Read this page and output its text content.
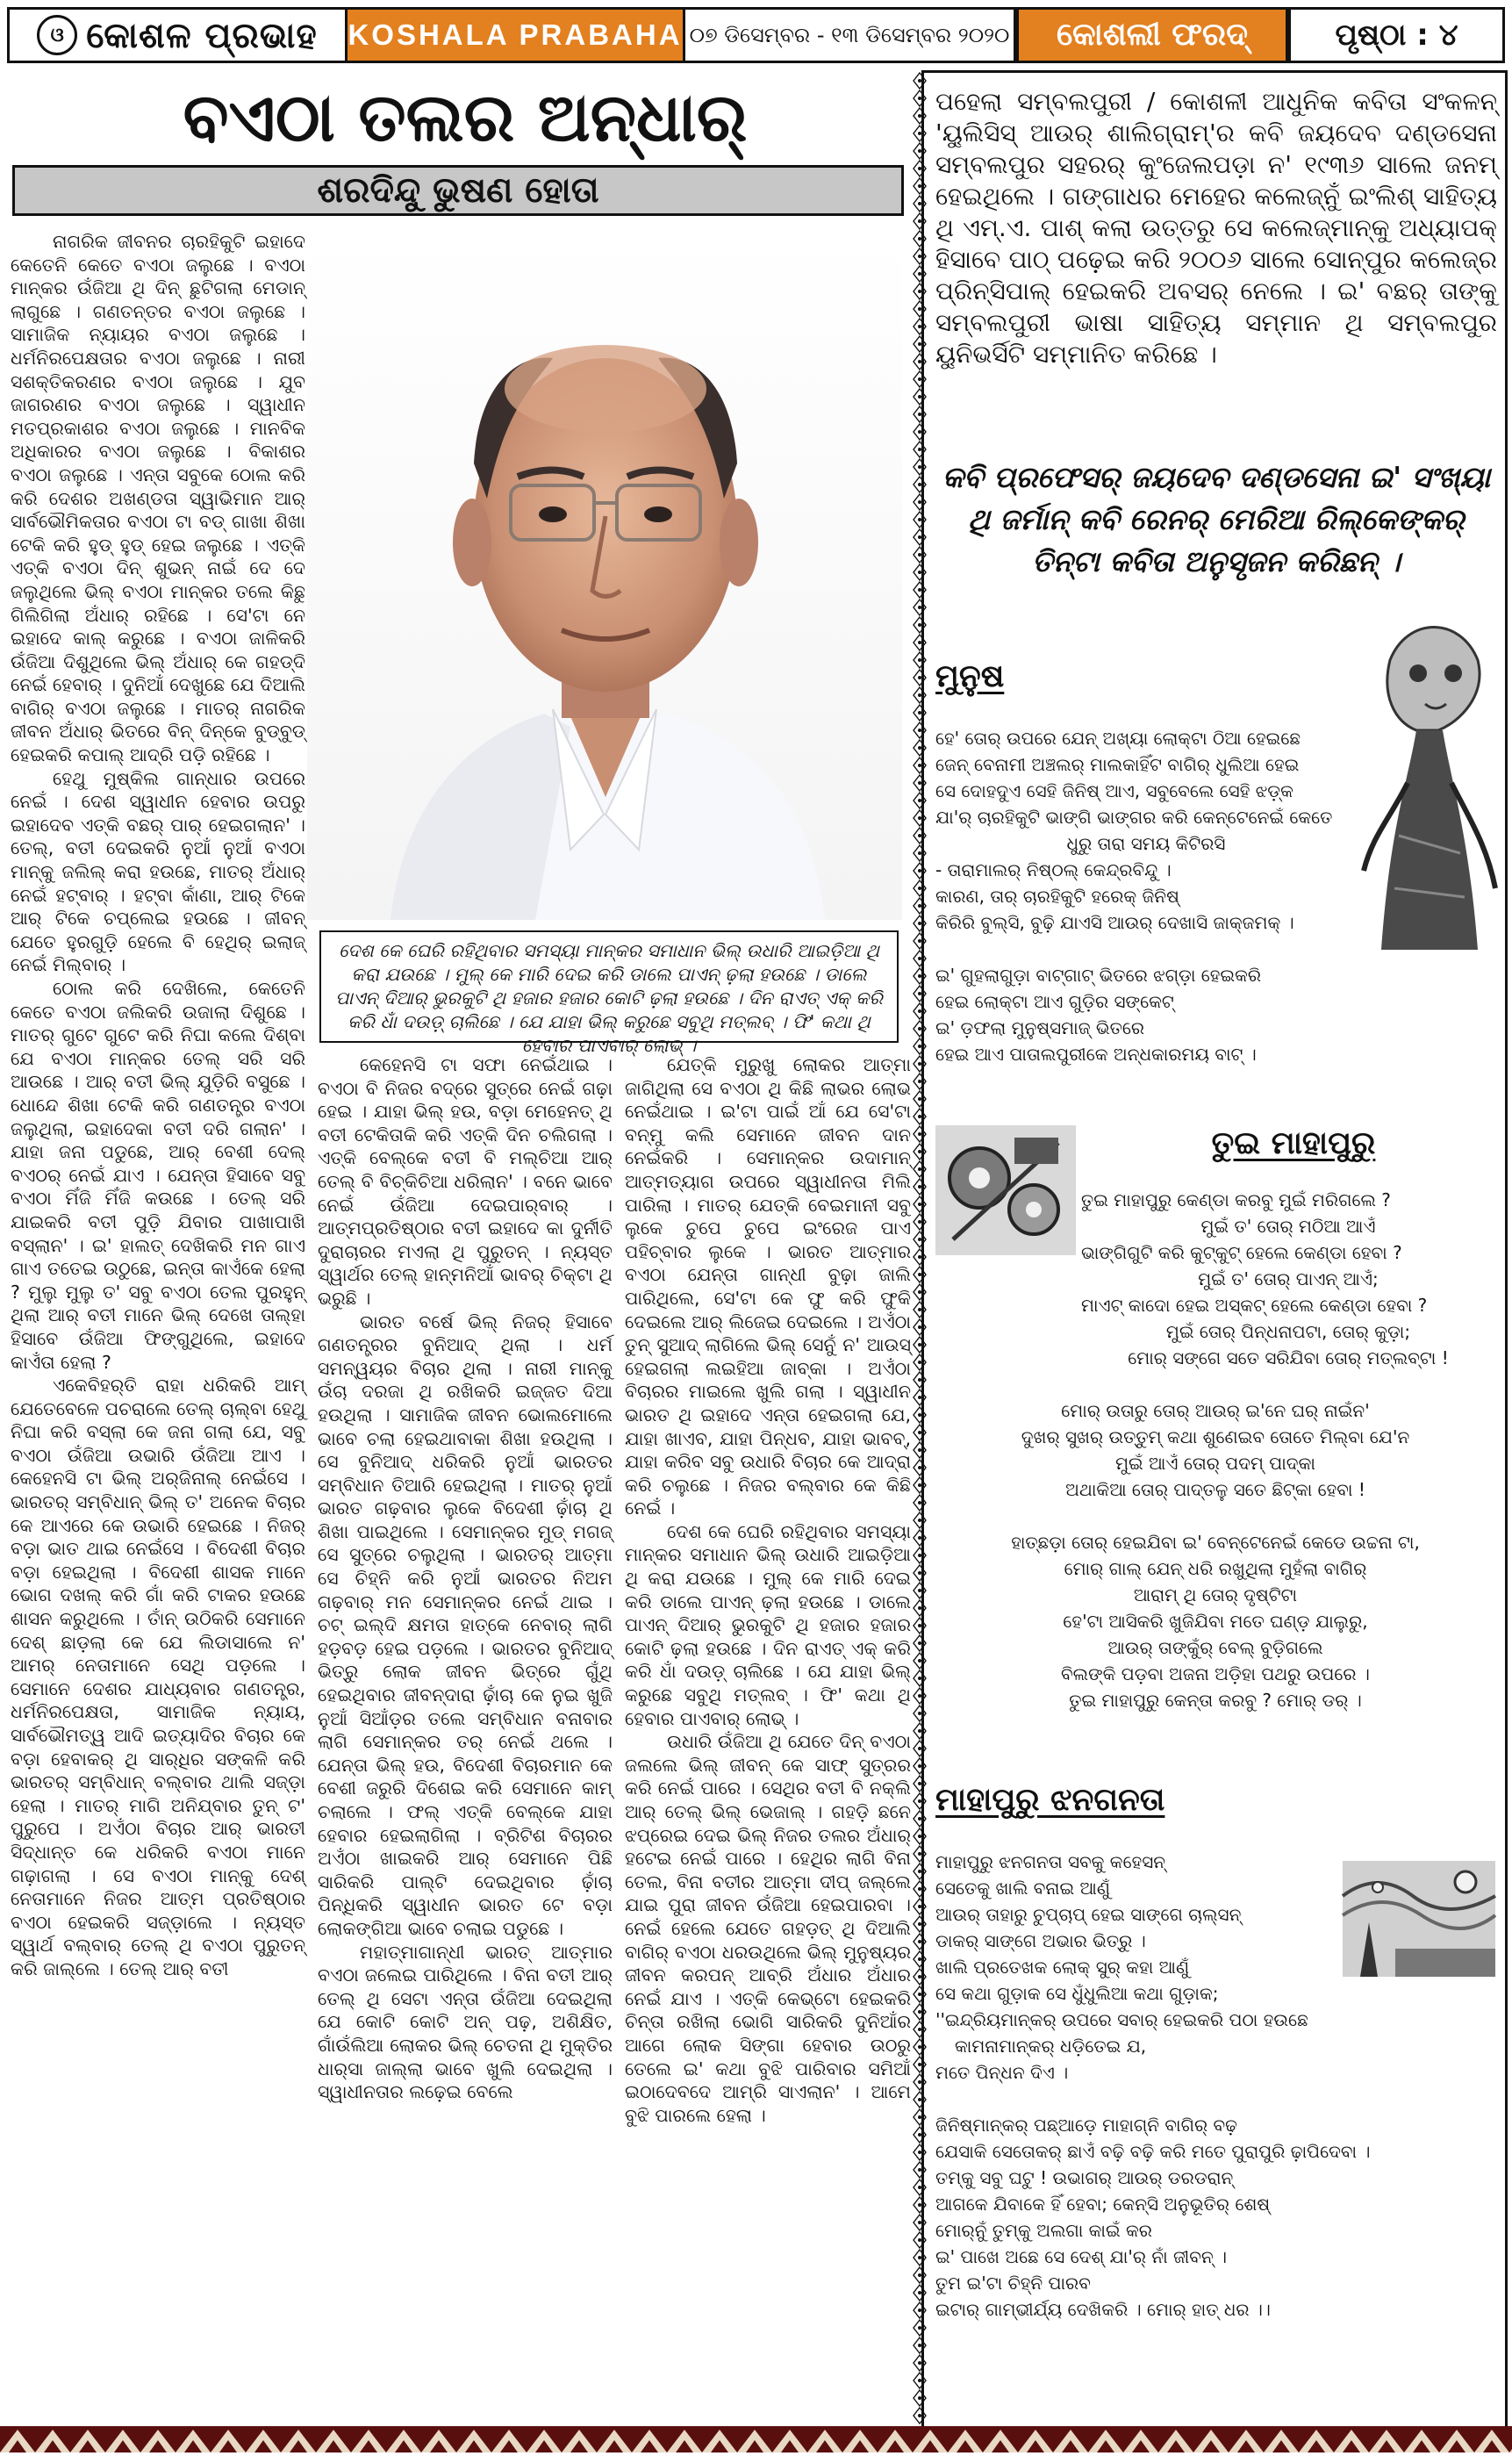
ଓ କୋଶଳ ପ୍ରଭାହ KOSHALA PRABAHA ୦୭ ଡିସେମ୍ବର - ୧୩ ଡିସେମ୍ବର ୨୦୨୦ କୋଶଲୀ ଫରଦ୍	ପୃଷ୍ଠା : ୪
ବଏଠା ତଲର ଅନ୍ଧାର୍
ଶରଦିନ୍ଦୁ ଭୁଷଣ ହୋତା

ନାଗରିକ ଜୀବନର ଚାରହିକୁଟି ଇହାଦେ କେତେନି କେତେ ବଏଠା ଜଲୁଛେ । ବଏଠା ମାନ୍‌କର ଉଁଜିଆ ଥି ଦିନ୍ ଛୁଟିଗଲା ମେଡାନ୍ ଲାଗୁଛେ । ଗଣତନ୍ତର ବଏଠା ଜଲୁଛେ । ସାମାଜିକ ନ୍ୟାୟର ବଏଠା ଜଲୁଛେ । ଧର୍ମନିରପେକ୍ଷତାର ବଏଠା ଜଲୁଛେ । ନାରୀ ସଶକ୍ତିକରଣର ବଏଠା ଜଲୁଛେ । ଯୁବ ଜାଗରଣର ବଏଠା ଜଲୁଛେ । ସ୍ୱାଧୀନ ମତପ୍ରକାଶର ବଏଠା ଜଲୁଛେ । ମାନବିକ ଅଧିକାରର ବଏଠା ଜଲୁଛେ । ବିକାଶର ବଏଠା ଜଲୁଛେ । ଏନ୍ତା ସବୁକେ ଠୋଲ କରି କରି ଦେଶର ଅଖଣ୍ଡତା ସ୍ୱାଭିମାନ ଆର୍ ସାର୍ବଭୌମିକତାର ବଏଠା ଟା ବଡ୍ ଗାଖା ଶିଖା ଟେକି କରି ହୁଡ୍ ହୁଡ୍ ହେଇ ଜଲୁଛେ । ଏତ୍‌କି ଏତ୍‌କି ବଏଠା ଦିନ୍ ଶୁଭନ୍ ନାଇଁ ଦେ ଦେ ଜଲୁଥିଲେ ଭିଲ୍ ବଏଠା ମାନ୍‌କର ତଲେ କିଛୁ ଗିଲିଗିଲା ଅଁଧାର୍ ରହିଛେ । ସେ'ଟା ନେ ଇହାଦେ କାଲ୍ କରୁଛେ । ବଏଠା ଜାଳିକରି ଉଁଜିଆ ଦିଶୁଥିଲେ ଭିଲ୍ ଅଁଧାର୍ କେ ଗହଡ୍ଦି ନେଇଁ ହେବାର୍ । ଦୁନିଆଁ ଦେଖୁଛେ ଯେ ଦିଆଲି ବାଗିର୍ ବଏଠା ଜଲୁଛେ । ମାତର୍ ନାଗରିକ ଜୀବନ ଅଁଧାର୍ ଭିତରେ ବିନ୍ ଦିନ୍‌କେ ବୁଡ୍‌ବୁଡ୍ ହେଇକରି କପାଲ୍ ଆଦ୍‌ରି ପଡ଼ି ରହିଛେ ।

ହେଥୁ ମୁଷ୍କିଲ ଗାନ୍ଧାର ଉପରେ ନେଇଁ । ଦେଶ ସ୍ୱାଧୀନ ହେବାର ଉପରୁ ଇହାଦେବ ଏତ୍‌କି ବଛର୍ ପାର୍ ହେଇଗଲାନ' । ତେଲ୍, ବତୀ ଦେଇକରି ନୁଆଁ ନୁଆଁ ବଏଠା ମାନ୍‌କୁ ଜଲିଲ୍ କରା ହଉଛେ, ମାତର୍ ଅଁଧାର୍ ନେଇଁ ହଟ୍‌ବାର୍ । ହଟ୍‌ବା କାଁଣା, ଆର୍ ଟିକେ ଆର୍ ଟିକେ ଚପ୍‌ଲେଇ ହଉଛେ । ଜୀବନ୍ ଯେତେ ହୁରଗୁଡ଼ି ହେଲେ ବି ହେଥିର୍ ଇଲାଜ୍ ନେଇଁ ମିଲ୍‌ବାର୍ ।

ଠୋଲ କରି ଦେଖିଲେ, କେତେନି କେତେ ବଏଠା ଜଲିକରି ଉଜାଲା ଦିଶୁଛେ । ମାତର୍ ଗୁଟେ ଗୁଟେ କରି ନିଘା କଲେ ଦିଶ୍‌ବା ଯେ ବଏଠା ମାନ୍‌କର ତେଲ୍ ସରି ସରି ଆଉଛେ । ଆର୍ ବତୀ ଭିଲ୍ ଯୁଡ଼ିରି ବସୁଛେ । ଧୋନ୍ଦେ ଶିଖା ଟେକି କରି ଗଣତନ୍ତ୍ର ବଏଠା ଜଲୁଥିଲା, ଇହାଦେକା ବତୀ ଦରି ଗଲାନ' । ଯାହା ଜନା ପଡୁଛେ, ଆର୍ ବେଶୀ ଦେଲ୍ ବଏଠର୍ ନେଇଁ ଯାଏ । ଯେନ୍ତା ହିସାବେ ସବୁ ବଏଠା ମିଁଜି ମିଁଜି କଉଛେ । ତେଲ୍ ସରି ଯାଇକରି ବତୀ ପୁଡ଼ି ଯିବାର ପାଖାପାଖି ବସ୍‌ଲାନ' । ଇ' ହାଲତ୍ ଦେଖିକରି ମନ ଗାଏ ଗାଏ ତତେଇ ଉଠୁଛେ, ଇନ୍ତା କାଏଁକେ ହେଲା ? ମୁଲୁ ମୁଲୁ ତ' ସବୁ ବଏଠା ତେଲ ପୁରହୁନ୍ ଥିଲା ଆର୍ ବତୀ ମାନେ ଭିଲ୍ ଦେଖେ ତାଲ୍ହା ହିସାବେ ଉଁଜିଆ ଫିଙ୍ଗୁଥିଲେ, ଇହାଦେ କାଏଁତା ହେଲା ?

ଏକେବିହର୍‌ତି ରାହା ଧରିକରି ଆମ୍ ଯେତେବେଳେ ପଚରାଲେ ତେଲ୍ ଚାଲ୍‌ବା ହେଥୁ ନିଘା କରି ବସ୍‌ଲା କେ ଜନା ଗଲା ଯେ, ସବୁ ବଏଠା ଉଁଜିଆ ଉଭାରି ଉଁଜିଆ ଆଏ । କେହେନସି ଟା ଭିଲ୍ ଅର୍‌ଜିନାଲ୍ ନେଇଁସେ । ଭାରତର୍ ସମ୍ବିଧାନ୍ ଭିଲ୍ ତ' ଅନେକ ବିଚାର କେ ଆଏରେ କେ ଉଭାରି ହେଇଛେ । ନିଜର୍ ବଡ଼ା ଭାତ ଥାଇ ନେଇଁସେ । ବିଦେଶୀ ବିଚାର ବଡ଼ା ହେଇଥିଲା । ବିଦେଶୀ ଶାସକ ମାନେ ଭୋଗ ଦଖଲ୍ କରି ଗାଁ କରି ଟାକର ହଉଛେ ଶାସନ କରୁଥିଲେ । ତାଁନ୍ ଉଠିକରି ସେମାନେ ଦେଶ୍ ଛାଡ଼ଲା କେ ଯେ ଲିଡାସାଲେ ନ' ଆମର୍ ନେତାମାନେ ସେଥି ପଡ଼ଲେ । ସେମାନେ ଦେଶର ଯାଧ୍ୟବାର ଗଣତନ୍ତ୍ର, ଧର୍ମନିରପେକ୍ଷତା, ସାମାଜିକ ନ୍ୟାୟ, ସାର୍ବଭୌମତ୍ୱ ଆଦି ଇତ୍ୟାଦିର ବିଚାର କେ ବଡ଼ା ହେବାକର୍ ଥି ସାର୍‌ଧିର ସଙ୍କଳି କରି ଭାରତର୍ ସମ୍ବିଧାନ୍ ବଲ୍‌ବାର ଥାଲି ସଜ୍ଡ଼ା ହେଲା । ମାତର୍ ମାଗି ଅନିଯ୍‌ବାର ତୁନ୍ ଟ' ପୁରୁପେ । ଅଏଁଠା ବିଚାର ଆର୍ ଭାରତୀ ସିଦ୍ଧାନ୍ତ କେ ଧରିକରି ବଏଠା ମାନେ ଗଢ଼ାଗଲା । ସେ ବଏଠା ମାନ୍‌କୁ ଦେଶ୍ ନେତାମାନେ ନିଜର ଆତ୍ମ ପ୍ରତିଷ୍ଠାର ବଏଠା ହେଇକରି ସଜ୍‌ଡ଼ାଲେ । ନ୍ୟସ୍ତ ସ୍ୱାର୍ଥ ବଲ୍‌ବାର୍ ତେଲ୍ ଥି ବଏଠା ପୁରୁତନ୍ କରି ଜାଲ୍‌ଲେ । ତେଲ୍ ଆର୍ ବତୀ

ଦେଶ କେ ଘେରି ରହିଥିବାର ସମସ୍ୟା ମାନ୍‌କର ସମାଧାନ ଭିଲ୍ ଉଧାରି ଆଇଡ଼ିଆ ଥି କରା ଯଉଛେ । ମୁଲ୍ କେ ମାରି ଦେଇ କରି ଡାଲେ ପାଏନ୍ ଢ଼ଲା ହଉଛେ । ଡାଲେ ପାଏନ୍ ଦିଆର୍ ଭୁରକୁଟି ଥି ହଜାର ହଜାର କୋଟି ଢ଼ଲା ହଉଛେ । ଦିନ ରାଏତ୍ ଏକ୍ କରି କରି ଧାଁ ଦଉଡ଼୍ ଚାଲିଛେ । ଯେ ଯାହା ଭିଲ୍ କରୁଛେ ସବୁଥି ମତ୍‌ଲବ୍ । ଫି' କଥା ଥି ହେବାର ପାଏବାର୍ ଲୋଭ୍ ।

କେହେନସି ଟା ସଫା ନେଇଁଥାଇ । ବଏଠା ବି ନିଜର ବଦ୍‌ରେ ସୁତ୍‌ରେ ନେଇଁ ଗଢ଼ା ହେଇ । ଯାହା ଭିଲ୍ ହଉ, ବଡ଼ା ମେହେନତ୍ ଥି ବତୀ ଟେକିତାକି କରି ଏତ୍‌କି ଦିନ ଚଲିଗଲା । ଏତ୍‌କି ବେଲ୍‌କେ ବତୀ ବି ମଲ୍‌ଚିଆ ଆର୍ ତେଲ୍ ବି ବିଚ୍‌କିଚିଆ ଧରିଲାନ' । ବନେ ଭାବେ ନେଇଁ ଉଁଜିଆ ଦେଇପାର୍‌ବାର୍ । ଆତ୍ମପ୍ରତିଷ୍ଠାର ବତୀ ଇହାଦେ କା ଦୁର୍ନୀତି ଦୁରାଚାରର ମଏଲା ଥି ପୁରୁତନ୍ । ନ୍ୟସ୍ତ ସ୍ୱାର୍ଥର ତେଲ୍ ହାନ୍‌ମନିଆଁ ଭାବର୍ ଚିକ୍‌ଟା ଥି ଭରୁଛି ।

ଭାରତ ବର୍ଷେ ଭିଲ୍ ନିଜର୍ ହିସାବେ ଗଣତନ୍ତ୍ରର ବୁନିଆଦ୍ ଥିଲା । ଧର୍ମ ସମନ୍ୱୟର ବିଚାର ଥିଲା । ନାରୀ ମାନ୍‌କୁ ଉଁଚା ଦରଜା ଥି ରଖିକରି ଇଜ୍ଜତ ଦିଆ ହଉଥିଲା । ସାମାଜିକ ଜୀବନ ଭୋଲମୋଲେ ଭାବେ ଚଲା ହେଇଥାବାକା ଶିଖା ହଉଥିଲା । ସେ ବୁନିଆଦ୍ ଧରିକରି ନୁଆଁ ଭାରତର ସମ୍ବିଧାନ ତିଆରି ହେଇଥିଲା । ମାତର୍ ନୁଆଁ ଭାରତ ଗଢ଼ବାର ଲୁକେ ବିଦେଶୀ ଢ଼ାଁଚା ଥି ଶିଖା ପାଇଥିଲେ । ସେମାନ୍‌କର ମୁଡ୍ ମଗଜ୍ ସେ ସୁତ୍‌ରେ ଚଲୁଥିଲା । ଭାରତର୍ ଆତ୍ମା ସେ ଚିହ୍ନି କରି ନୁଆଁ ଭାରତର ନିଅମ ଗଢ଼ବାର୍ ମନ ସେମାନ୍‌କର ନେଇଁ ଥାଇ । ଚଟ୍ ଇଲ୍‌ଦି କ୍ଷମତା ହାତ୍‌କେ ନେବାର୍ ଲାଗି ହଡ଼ବଡ଼ ହେଇ ପଡ଼ଲେ । ଭାରତର ବୁନିଆଦ୍ ଭିତ୍‌ରୁ ଲୋକ ଜୀବନ ଭିତ୍‌ରେ ଗୁଁଥି ହେଇଥିବାର ଜୀବନ୍‌ଦାରା ଢ଼ାଁଚା କେ ନୁଇ ଖୁଜି ନୁଆଁ ସିଆଁଡ଼ର ତଲେ ସମ୍ବିଧାନ ବନାବାର ଲାଗି ସେମାନ୍‌କର ତର୍ ନେଇଁ ଥଲେ । ଯେନ୍ତା ଭିଲ୍ ହଉ, ବିଦେଶୀ ବିଚାରମାନ କେ ବେଶୀ ଜରୁରି ଦିଶେଇ କରି ସେମାନେ କାମ୍ ଚଲାଲେ । ଫଲ୍ ଏତ୍‌କି ବେଲ୍‌କେ ଯାହା ହେବାର ହେଇଲାଗିଲା । ବ୍ରିଟିଶ ବିଚାରର ଅଏଁଠା ଖାଇକରି ଆର୍ ସେମାନେ ପିଛି ସାରିକରି ପାଲ୍ଟି ଦେଇଥିବାର ଢ଼ାଁଚା ପିନ୍ଧିକରି ସ୍ୱାଧୀନ ଭାରତ ଟେ ବଡ଼ା ଲୋକଙ୍ଗିଆ ଭାବେ ଚଲାଇ ପଡୁଛେ ।

ମହାତ୍ମାଗାନ୍ଧୀ ଭାରତ୍ ଆତ୍ମାର ବଏଠା ଜଲେଇ ପାରିଥିଲେ । ବିନା ବତୀ ଆର୍ ତେଲ୍ ଥି ସେଟା ଏନ୍ତା ଉଁଜିଆ ଦେଇଥିଲା ଯେ କୋଟି କୋଟି ଅନ୍ ପଢ଼, ଅଶିକ୍ଷିତ, ଗାଁଉଁଲିଆ ଲୋକର ଭିଲ୍ ଚେତନା ଥି ମୁକ୍ତିର ଧାର୍‌ସା ଜାଲ୍ଲା ଭାବେ ଖୁଲି ଦେଇଥିଲା । ସ୍ୱାଧୀନତାର ଲଢ଼େଇ ବେଲେ

ଯେତ୍‌କି ମୁରୁଖୁ ଲୋକର ଆତ୍ମା ଜାଗିଥିଲା ସେ ବଏଠା ଥି କିଛି ଲାଭର ଲୋଭ ନେଇଁଥାଇ । ଇ'ଟା ପାଇଁ ଆଁ ଯେ ସେ'ଟା ବନ୍‌ମୁ କଲି ସେମାନେ ଜୀବନ ଦାନ ନେଇଁକରି । ସେମାନ୍‌କର ଉଦାମାନ୍ ଆତ୍ମତ୍ୟାଗ ଉପରେ ସ୍ୱାଧୀନତା ମିଲି ପାରିଲା । ମାତର୍ ଯେତ୍‌କି ବେଇମାନୀ ସବୁ ଲୁକେ ଚୁପେ ଚୁପେ ଇଂରେଜ ପାଏ ପହିଚ୍‌ବାର ଲୁକେ । ଭାରତ ଆତ୍ମାର ବଏଠା ଯେନ୍ତା ଗାନ୍ଧୀ ବୁଢ଼ା ଜାଲି ପାରିଥିଲେ, ସେ'ଟା କେ ଫୁ କରି ଫୁକି ଦେଇଲେ ଆର୍ ଲିଜେଇ ଦେଇଲେ । ଅଏଁଠା ତୁନ୍ ସୁଆଦ୍ ଲାଗିଲେ ଭିଲ୍ ସେନୁଁ ନ' ଆଉସ୍ ହେଇଗଲା ଲଇହିଆ ଜାବ୍‌କା । ଅଏଁଠା ବିଚାରର ମାଇଲେ ଖୁଲି ଗଲା । ସ୍ୱାଧୀନ ଭାରତ ଥି ଇହାଦେ ଏନ୍ତା ହେଇଗଲା ଯେ, ଯାହା ଖାଏବ, ଯାହା ପିନ୍ଧବ, ଯାହା ଭାବବ୍, ଯାହା କରିବ ସବୁ ଉଧାରି ବିଚାର କେ ଆଦ୍‌ରା କରି ଚଲୁଛେ । ନିଜର ବଲ୍‌ବାର କେ କିଛି ନେଇଁ ।

ଦେଶ କେ ଘେରି ରହିଥିବାର ସମସ୍ୟା ମାନ୍‌କର ସମାଧାନ ଭିଲ୍ ଉଧାରି ଆଇଡ଼ିଆ ଥି କରା ଯଉଛେ । ମୁଲ୍ କେ ମାରି ଦେଇ କରି ଡାଲେ ପାଏନ୍ ଢ଼ଲା ହଉଛେ । ଡାଲେ ପାଏନ୍ ଦିଆର୍ ଭୁରକୁଟି ଥି ହଜାର ହଜାର କୋଟି ଢ଼ଲା ହଉଛେ । ଦିନ ରାଏତ୍ ଏକ୍ କରି କରି ଧାଁ ଦଉଡ଼୍ ଚାଲିଛେ । ଯେ ଯାହା ଭିଲ୍ କରୁଛେ ସବୁଥି ମତ୍‌ଲବ୍ । ଫି' କଥା ଥି ହେବାର ପାଏବାର୍ ଲୋଭ୍ ।

ଉଧାରି ଉଁଜିଆ ଥି ଯେତେ ଦିନ୍ ବଏଠା ଜଲଲେ ଭିଲ୍ ଜୀବନ୍ କେ ସାଫ୍ ସୁତ୍ରର କରି ନେଇଁ ପାରେ । ସେଥିର ବତୀ ବି ନକ୍‌ଲି ଆର୍ ତେଲ୍ ଭିଲ୍ ଭେଜାଲ୍ । ଗହଡ଼ି ଛନେ ଝପ୍‌ରେଇ ଦେଇ ଭିଲ୍ ନିଜର ତଲର ଅଁଧାର୍ ହଟେଇ ନେଇଁ ପାରେ । ହେଥିର ଲାଗି ବିନା ତେଲ, ବିନା ବତୀର ଆତ୍ମା ଦୀପ୍ ଜଲ୍‌ଲେ ଯାଇ ପୁରା ଜୀବନ ଉଁଜିଆ ହେଇପାରବା । ନେଇଁ ହେଲେ ଯେତେ ଗହଡ଼ତ୍ ଥି ଦିଆଲି ବାଗିର୍ ବଏଠା ଧରଉଥିଲେ ଭିଲ୍ ମୁନୁଷ୍ୟର ଜୀବନ କରପନ୍ ଆବ୍‌ରି ଅଁଧାର ଅଁଧାର ନେଇଁ ଯାଏ । ଏତ୍‌କି କେଭ୍‌ଟୋ ହେଇକରି ଚିନ୍ତା ରଖିଲା ଭୋଗି ସାରିକରି ଦୁନିଆଁର ଆଗେ ଲୋକ ସିଙ୍ଗା ହେବାର ଉଠରୁ ତେଲେ ଇ' କଥା ବୁଝି ପାରିବାର ସମିଆଁ ଇଠାଦେବଦେ ଆମ୍‌ରି ସାଏଲାନ' । ଆମେ ବୁଝି ପାରଲେ ହେଲା ।

ପହେଲା ସମ୍ବଲପୁରୀ / କୋଶଳୀ ଆଧୁନିକ କବିତା ସଂକଳନ୍ 'ୟୁଲିସିସ୍ ଆଉର୍ ଶାଲିଗ୍ରାମ୍'ର କବି ଜୟଦେବ ଦଣ୍ଡସେନା ସମ୍ବଲପୁର ସହରର୍ କୁଂଜେଲପଡ଼ା ନ' ୧୯୩୬ ସାଲେ ଜନମ୍ ହେଇଥିଲେ । ଗଙ୍ଗାଧର ମେହେର କଲେଜ୍‌ନୁଁ ଇଂଲିଶ୍ ସାହିତ୍ୟ ଥି ଏମ୍.ଏ. ପାଶ୍ କଲା ଉତ୍ତରୁ ସେ କଲେଜ୍‌ମାନ୍‌କୁ ଅଧ୍ୟାପକ୍ ହିସାବେ ପାଠ୍ ପଢ଼େଇ କରି ୨୦୦୬ ସାଲେ ସୋନ୍‌ପୁର କଲେଜ୍‌ର ପ୍ରିନ୍‌ସିପାଲ୍ ହେଇକରି ଅବସର୍ ନେଲେ । ଇ' ବଛର୍ ତାଙ୍କୁ ସମ୍ବଲପୁରୀ ଭାଷା ସାହିତ୍ୟ ସମ୍ମାନ ଥି ସମ୍ବଲପୁର ୟୁନିଭର୍ସିଟି ସମ୍ମାନିତ କରିଛେ ।
କବି ପ୍ରଫେସର୍ ଜୟଦେବ ଦଣ୍ଡସେନା ଇ' ସଂଖ୍ୟା ଥି ଜର୍ମାନ୍ କବି ରେନର୍ ମେରିଆ ରିଲ୍‌କେଙ୍କର୍ ତିନ୍‌ଟା କବିତା ଅନୁସୃଜନ କରିଛନ୍ ।
ମୁନୁଷ
ହେ' ତୋର୍ ଉପରେ ଯେନ୍ ଅଖ୍ୟା ଲୋକ୍‌ଟା ଠିଆ ହେଇଛେ
ଜେନ୍ ବେନାମୀ ଅଞ୍ଚଲର୍ ମାଲକାହିଁଟ ବାଗିର୍ ଧୁଲିଆ ହେଇ
ସେ ଦୋହଦୁଏ ସେହି ଜିନିଷ୍ ଆଏ, ସବୁବେଲେ ସେହି ଝଡ଼୍‌କ
ଯା'ର୍ ଚାରହିକୁଟି ଭାଙ୍ଗି ଭାଙ୍ଗର କରି କେନ୍‌ଟେନେଇଁ କେତେ
ଧୁରୁ ତାରା ସମୟ କିଟିରସି
- ତାରାମାଲର୍ ନିଷ୍ଠଲ୍ କେନ୍ଦ୍ରବିନ୍ଦୁ ।
କାରଣ, ତାର୍ ଚାରହିକୁଟି ହରେକ୍ ଜିନିଷ୍
କିରିରି ବୁଲ୍‌ସି, ବୁଢ଼ି ଯାଏସି ଆଉର୍ ଦେଖାସି ଜାକ୍‌ଜମକ୍ ।

ଇ' ଗୁହଲାଗୁଡ଼ା ବାଟ୍‌ଗାଟ୍ ଭିତରେ ଝଗ୍ଡ଼ା ହେଇକରି
ହେଇ ଲୋକ୍‌ଟା ଆଏ ଗୁଡ଼ିର ସଙ୍କେଟ୍
ଇ' ଡ଼ଫଲା ମୁନୁଷ୍‌ସମାଜ୍ ଭିତରେ
ହେଇ ଆଏ ପାତାଲପୁରୀକେ ଅନ୍ଧକାରମୟ ବାଟ୍ ।
ତୁଇ ମାହାପୁରୁ
ତୁଇ ମାହାପୁରୁ କେଣ୍ଡା କରବୁ ମୁଇଁ ମରିଗଲେ ?
ମୁଇଁ ତ' ତୋର୍ ମଠିଆ ଆଏଁ
ଭାଙ୍ଗିଗୁଟି କରି କୁଟ୍‌କୁଟ୍ ହେଲେ କେଣ୍ଡା ହେବା ?
ମୁଇଁ ତ' ତୋର୍ ପାଏନ୍ ଆଏଁ;
ମାଏଟ୍ କାଦୋ ହେଇ ଅସ୍କଟ୍ ହେଲେ କେଣ୍ଡା ହେବା ?
ମୁଇଁ ତୋର୍ ପିନ୍ଧନାପଟା, ତୋର୍ କୁଡ଼ା;
ମୋର୍ ସଙ୍ଗେ ସତେ ସରିଯିବା ତୋର୍ ମତ୍‌ଲବ୍‌ଟା !

ମୋର୍ ଉତାରୁ ତୋର୍ ଆଉର୍ ଇ'ନେ ଘର୍ ନାଇଁନ'
ଦୁଖର୍ ସୁଖର୍ ଉତ୍ତୁମ୍ କଥା ଶୁଣେଇବ ତୋତେ ମିଲ୍‌ବା ଯେ'ନ
ମୁଇଁ ଆଏଁ ତୋର୍ ପଦମ୍ ପାଦ୍‌କା
ଅଥାକିଆ ତୋର୍ ପାଦ୍‌ତଳୁ ସତେ ଛିଟ୍‌କା ହେବା !

ହାତ୍‌ଛଡ଼ା ତୋର୍ ହେଇଯିବା ଇ' ବେନ୍‌ଟେନେଇଁ କେଡେ ଉଚ୍ଚନା ଟା,
ମୋର୍ ଗାଲ୍ ଯେନ୍ ଧରି ରଖୁଥିଲା ମୁହଁଲା ବାଗିର୍
ଆରାମ୍ ଥି ତୋର୍ ଦୃଷ୍ଟିଟା
ହେ'ଟା ଆସିକରି ଖୁଜିଯିବା ମତେ ଘଣ୍ଡ଼ ଯାଲୁରୁ,
ଆଉର୍ ତାଙ୍କୁଁର୍ ବେଲ୍ ବୁଡ଼ିଗଲେ
ବିଲଙ୍କି ପଡ଼ବା ଅଜନା ଅଡ଼ିହା ପଥରୁ ଉପରେ ।
ତୁଇ ମାହାପୁରୁ କେନ୍‌ତା କରବୁ ? ମୋର୍ ଡର୍ ।
ମାହାପୁରୁ ଝନଗନତା
ମାହାପୁରୁ ଝନଗନତା ସବକୁ କହେସନ୍
ସେତେକୁ ଖାଲି ବନାଇ ଆଣୁଁ
ଆଉର୍ ତାହାରୁ ଚୁପ୍‌ଚାପ୍ ହେଇ ସାଙ୍ଗେ ଚାଲ୍‌ସନ୍
ଡାକର୍ ସାଙ୍ଗେ ଅଭାର ଭିତ୍‌ରୁ ।
ଖାଲି ପ୍ରତେଖକ ଲୋକ୍ ସୁର୍ କହା ଆଣୁଁ
ସେ କଥା ଗୁଡ଼ାକ ସେ ଧୁଁଧୁଲିଆ କଥା ଗୁଡ଼ାକ;
''ଇନ୍ଦ୍ରିୟମାନ୍‌କର୍ ଉପରେ ସବାର୍ ହେଇକରି ପଠା ହଉଛେ
କାମନାମାନ୍‌କର୍ ଧଡ଼ିତେଇ ଯ,
ମତେ ପିନ୍ଧନ ଦିଏ ।

ଜିନିଷ୍‌ମାନ୍‌କର୍ ପଛ୍ଆଡ଼େ ମାହାଗ୍ନି ବାଗିର୍ ବଢ଼
ଯେସାକି ସେତୋକର୍ ଛାଏଁ ବଢ଼ି ବଢ଼ି କରି ମତେ ପୁରାପୁରି ଢ଼ାପିଦେବା ।
ତମ୍‌କୁ ସବୁ ଘଟୁ ! ଉଭାଗର୍ ଆଉର୍ ଡରଡରାନ୍
ଆଗକେ ଯିବାକେ ହିଁ ହେବା; କେନ୍‌ସି ଅନୁଭୂତିର୍ ଶେଷ୍
ମୋର୍‌ନୁଁ ତୁମ୍‌କୁ ଅଲଗା କାଇଁ କର
ଇ' ପାଖେ ଅଛେ ସେ ଦେଶ୍ ଯା'ର୍ ନାଁ ଜୀବନ୍ ।
ତୁମ ଇ'ଟା ଚିହ୍ନି ପାରବ
ଇଟାର୍ ଗାମ୍ଭୀର୍ଯ୍ୟ ଦେଖିକରି । ମୋର୍ ହାତ୍ ଧର ।।
